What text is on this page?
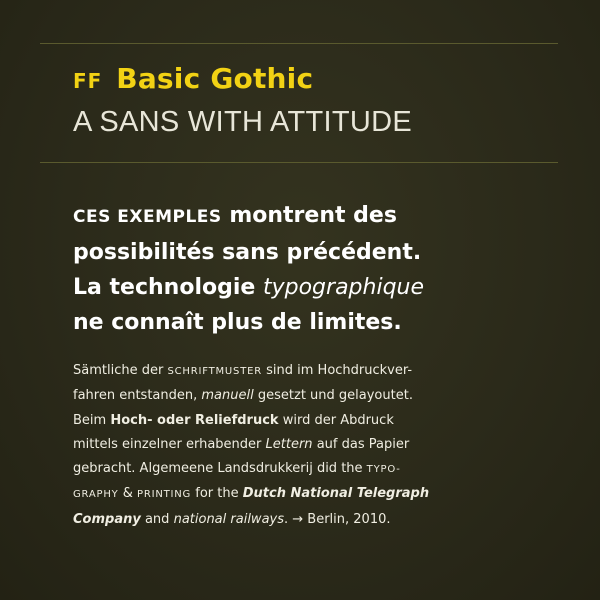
FF Basic Gothic
A SANS WITH ATTITUDE
CES EXEMPLES montrent des
possibilités sans précédent.
La technologie typographique
ne connaît plus de limites.
Sämtliche der SCHRIFTMUSTER sind im Hochdruckver-
fahren entstanden, manuell gesetzt und gelayoutet.
Beim Hoch- oder Reliefdruck wird der Abdruck
mittels einzelner erhabender Lettern auf das Papier
gebracht. Algemeene Landsdrukkerij did the TYPO-
GRAPHY & PRINTING for the Dutch National Telegraph
Company and national railways. → Berlin, 2010.
